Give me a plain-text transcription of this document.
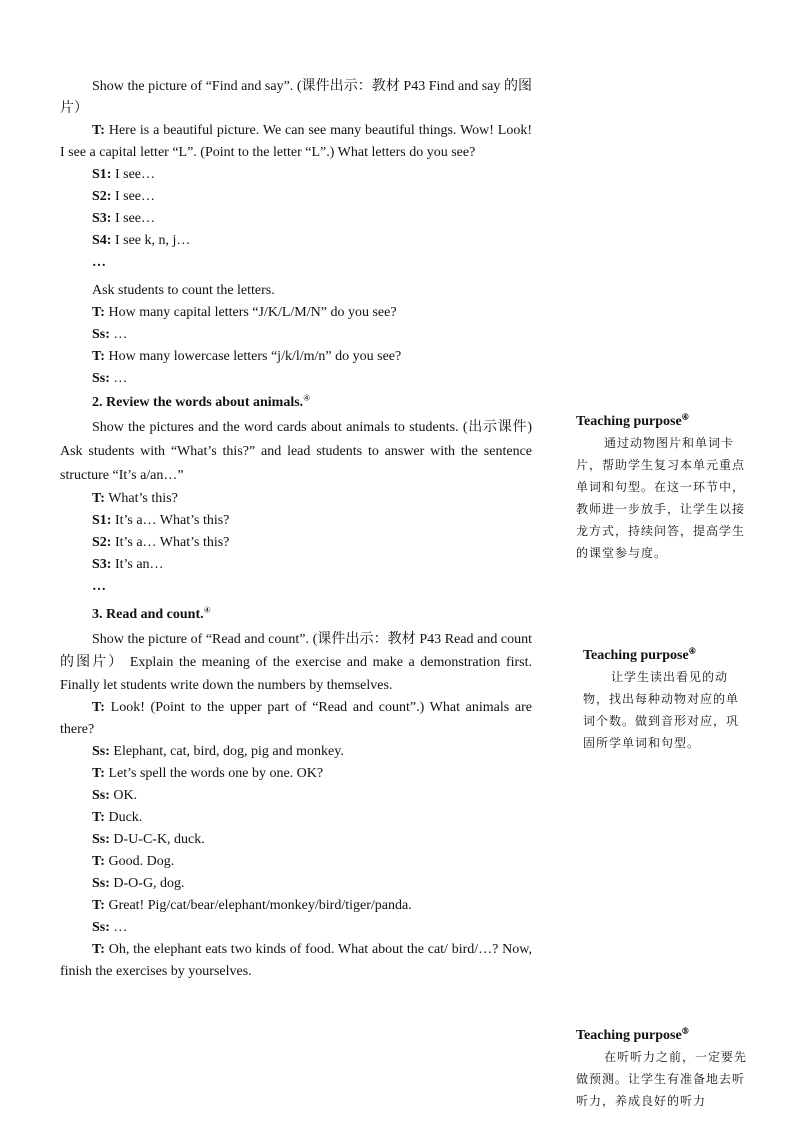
Show the picture of “Find and say”. (课件出示：教材 P43 Find and say 的图片）

T: Here is a beautiful picture. We can see many beautiful things. Wow! Look! I see a capital letter “L”. (Point to the letter “L”.) What letters do you see?

S1: I see…

S2: I see…

S3: I see…

S4: I see k, n, j…

…

Ask students to count the letters.

T: How many capital letters “J/K/L/M/N” do you see?

Ss: …

T: How many lowercase letters “j/k/l/m/n” do you see?

Ss: …

2. Review the words about animals.④

Show the pictures and the word cards about animals to students. (出示课件) Ask students with “What’s this?” and lead students to answer with the sentence structure “It’s a/an…”

T: What’s this?

S1: It’s a… What’s this?

S2: It’s a… What’s this?

S3: It’s an…

…

3. Read and count.④

Show the picture of “Read and count”. (课件出示：教材 P43 Read and count 的图片） Explain the meaning of the exercise and make a demonstration first. Finally let students write down the numbers by themselves.

T: Look! (Point to the upper part of “Read and count”.) What animals are there?

Ss: Elephant, cat, bird, dog, pig and monkey.

T: Let’s spell the words one by one. OK?

Ss: OK.

T: Duck.

Ss: D-U-C-K, duck.

T: Good. Dog.

Ss: D-O-G, dog.

T: Great! Pig/cat/bear/elephant/monkey/bird/tiger/panda.

Ss: …

T: Oh, the elephant eats two kinds of food. What about the cat/ bird/…? Now, finish the exercises by yourselves.

Teaching purpose④

通过动物图片和单词卡片，帮助学生复习本单元重点单词和句型。在这一环节中，教师进一步放手，让学生以接龙方式，持续问答，提高学生的课堂参与度。

Teaching purpose④

让学生读出看见的动物，找出每种动物对应的单词个数。做到音形对应，巩固所学单词和句型。

Teaching purpose⑤

在听听力之前，一定要先做预测。让学生有准备地去听听力，养成良好的听力
